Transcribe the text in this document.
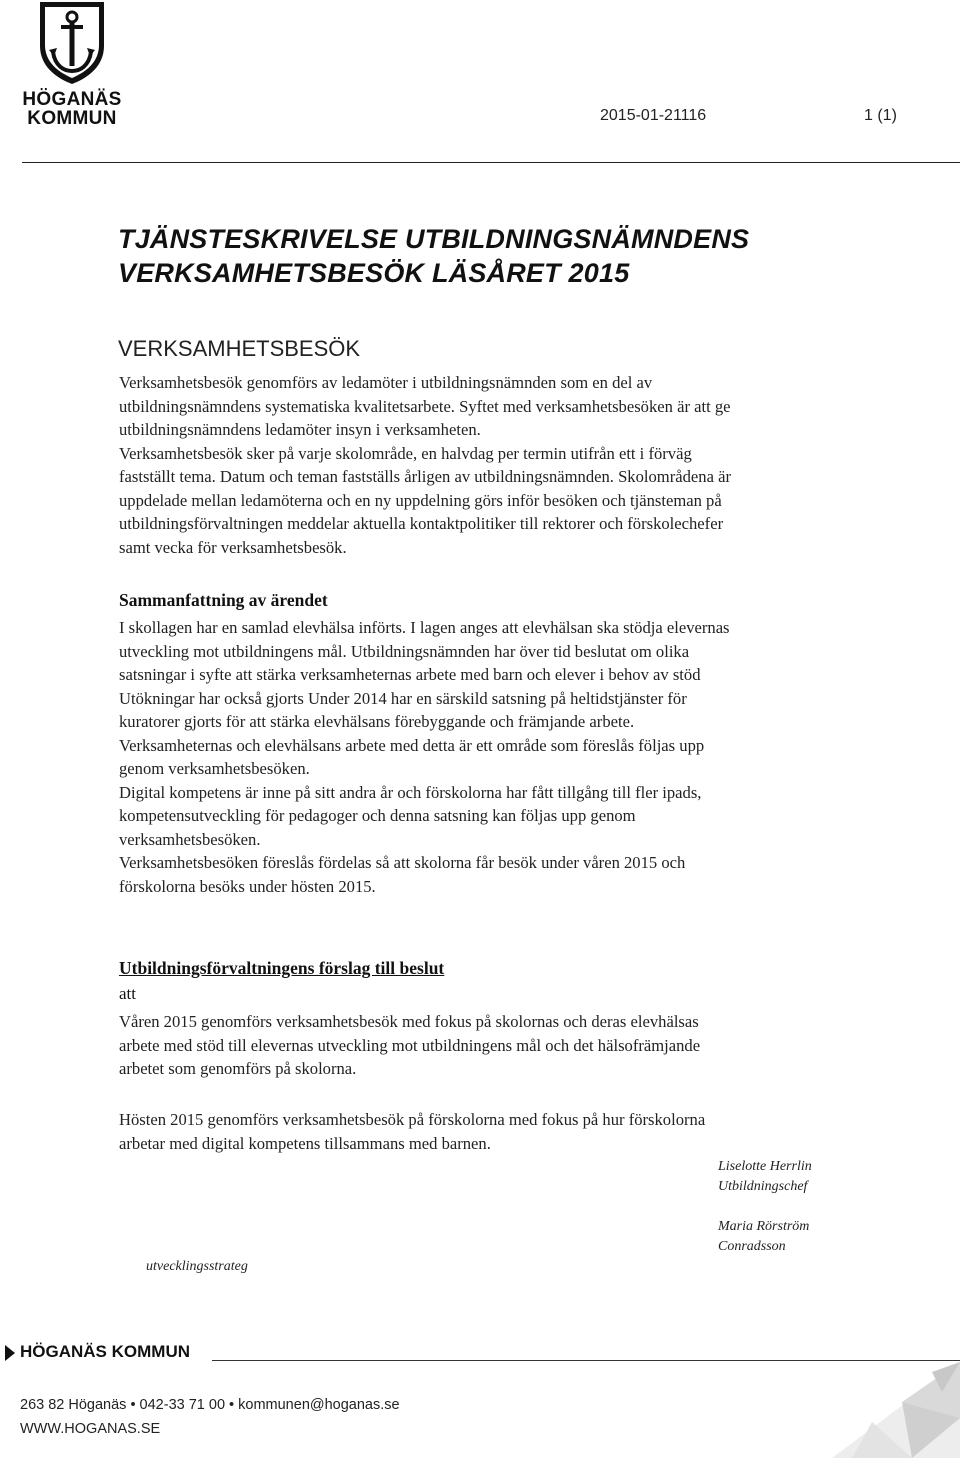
HÖGANÄS
KOMMUN	2015-01-21116	1 (1)
TJÄNSTESKRIVELSE UTBILDNINGSNÄMNDENS
VERKSAMHETSBESÖK LÄSÅRET 2015
VERKSAMHETSBESÖK

Verksamhetsbesök genomförs av ledamöter i utbildningsnämnden som en del av

utbildningsnämndens systematiska kvalitetsarbete. Syftet med verksamhetsbesöken är att ge

utbildningsnämndens ledamöter insyn i verksamheten.

Verksamhetsbesök sker på varje skolområde, en halvdag per termin utifrån ett i förväg

fastställt tema. Datum och teman fastställs årligen av utbildningsnämnden. Skolområdena är

uppdelade mellan ledamöterna och en ny uppdelning görs inför besöken och tjänsteman på

utbildningsförvaltningen meddelar aktuella kontaktpolitiker till rektorer och förskolechefer

samt vecka för verksamhetsbesök.

Sammanfattning av ärendet

I skollagen har en samlad elevhälsa införts. I lagen anges att elevhälsan ska stödja elevernas

utveckling mot utbildningens mål. Utbildningsnämnden har över tid beslutat om olika

satsningar i syfte att stärka verksamheternas arbete med barn och elever i behov av stöd

Utökningar har också gjorts Under 2014 har en särskild satsning på heltidstjänster för

kuratorer gjorts för att stärka elevhälsans förebyggande och främjande arbete.

Verksamheternas och elevhälsans arbete med detta är ett område som föreslås följas upp

genom verksamhetsbesöken.

Digital kompetens är inne på sitt andra år och förskolorna har fått tillgång till fler ipads,

kompetensutveckling för pedagoger och denna satsning kan följas upp genom

verksamhetsbesöken.

Verksamhetsbesöken föreslås fördelas så att skolorna får besök under våren 2015 och

förskolorna besöks under hösten 2015.

Utbildningsförvaltningens förslag till beslut
att

Våren 2015 genomförs verksamhetsbesök med fokus på skolornas och deras elevhälsas

arbete med stöd till elevernas utveckling mot utbildningens mål och det hälsofrämjande

arbetet som genomförs på skolorna.

Hösten 2015 genomförs verksamhetsbesök på förskolorna med fokus på hur förskolorna

arbetar med digital kompetens tillsammans med barnen.

Liselotte Herrlin
Utbildningschef
Maria Rörström
Conradsson
utvecklingsstrateg
HÖGANÄS KOMMUN
263 82 Höganäs • 042-33 71 00 • kommunen@hoganas.se
WWW.HOGANAS.SE
